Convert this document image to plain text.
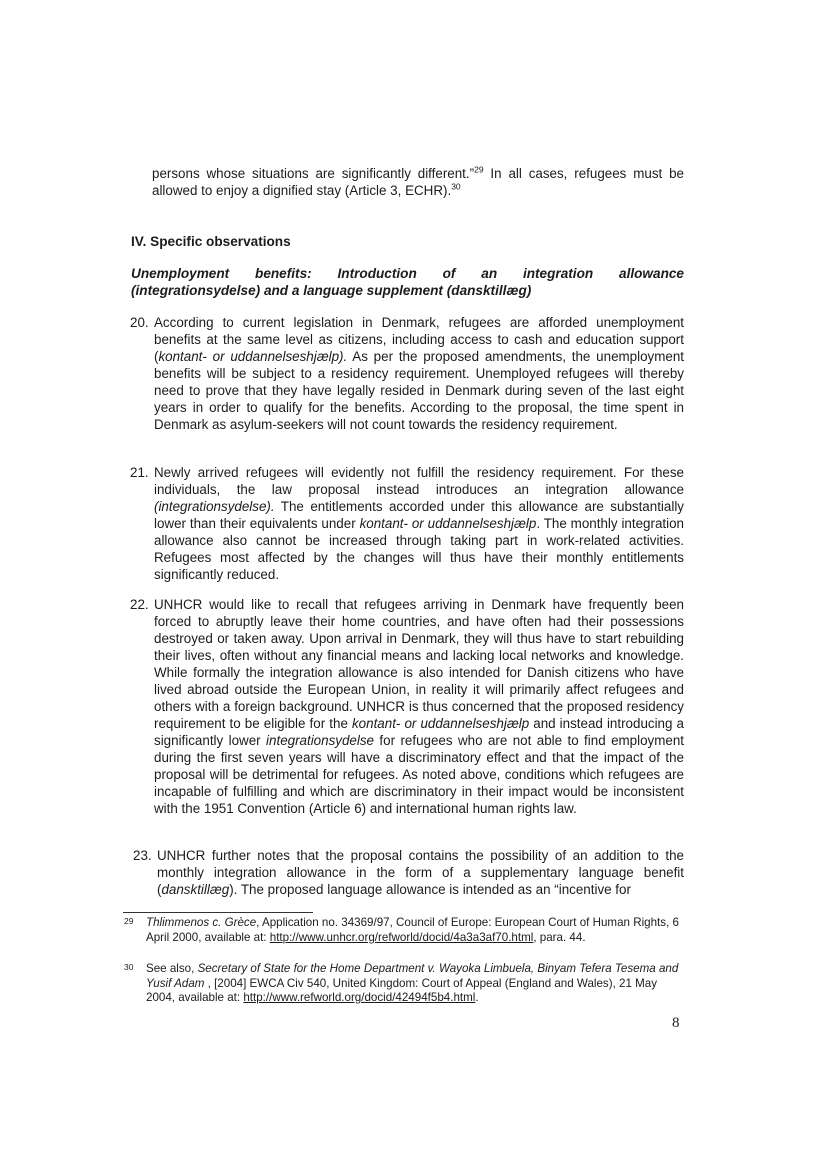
persons whose situations are significantly different.”$^{29}$ In all cases, refugees must be allowed to enjoy a dignified stay (Article 3, ECHR).$^{30}$

IV. Specific observations
Unemployment benefits: Introduction of an integration allowance (integrationsydelse) and a language supplement (dansktillæg)

20. According to current legislation in Denmark, refugees are afforded unemployment benefits at the same level as citizens, including access to cash and education support (kontant- or uddannelseshjælp). As per the proposed amendments, the unemployment benefits will be subject to a residency requirement. Unemployed refugees will thereby need to prove that they have legally resided in Denmark during seven of the last eight years in order to qualify for the benefits. According to the proposal, the time spent in Denmark as asylum-seekers will not count towards the residency requirement.

21. Newly arrived refugees will evidently not fulfill the residency requirement. For these individuals, the law proposal instead introduces an integration allowance (integrationsydelse). The entitlements accorded under this allowance are substantially lower than their equivalents under kontant- or uddannelseshjælp. The monthly integration allowance also cannot be increased through taking part in work-related activities. Refugees most affected by the changes will thus have their monthly entitlements significantly reduced.

22. UNHCR would like to recall that refugees arriving in Denmark have frequently been forced to abruptly leave their home countries, and have often had their possessions destroyed or taken away. Upon arrival in Denmark, they will thus have to start rebuilding their lives, often without any financial means and lacking local networks and knowledge. While formally the integration allowance is also intended for Danish citizens who have lived abroad outside the European Union, in reality it will primarily affect refugees and others with a foreign background. UNHCR is thus concerned that the proposed residency requirement to be eligible for the kontant- or uddannelseshjælp and instead introducing a significantly lower integrationsydelse for refugees who are not able to find employment during the first seven years will have a discriminatory effect and that the impact of the proposal will be detrimental for refugees. As noted above, conditions which refugees are incapable of fulfilling and which are discriminatory in their impact would be inconsistent with the 1951 Convention (Article 6) and international human rights law.

23. UNHCR further notes that the proposal contains the possibility of an addition to the monthly integration allowance in the form of a supplementary language benefit (dansktillæg). The proposed language allowance is intended as an “incentive for

29 Thlimmenos c. Grèce, Application no. 34369/97, Council of Europe: European Court of Human Rights, 6 April 2000, available at: http://www.unhcr.org/refworld/docid/4a3a3af70.html, para. 44.

30 See also, Secretary of State for the Home Department v. Wayoka Limbuela, Binyam Tefera Tesema and Yusif Adam , [2004] EWCA Civ 540, United Kingdom: Court of Appeal (England and Wales), 21 May 2004, available at: http://www.refworld.org/docid/42494f5b4.html.

8
